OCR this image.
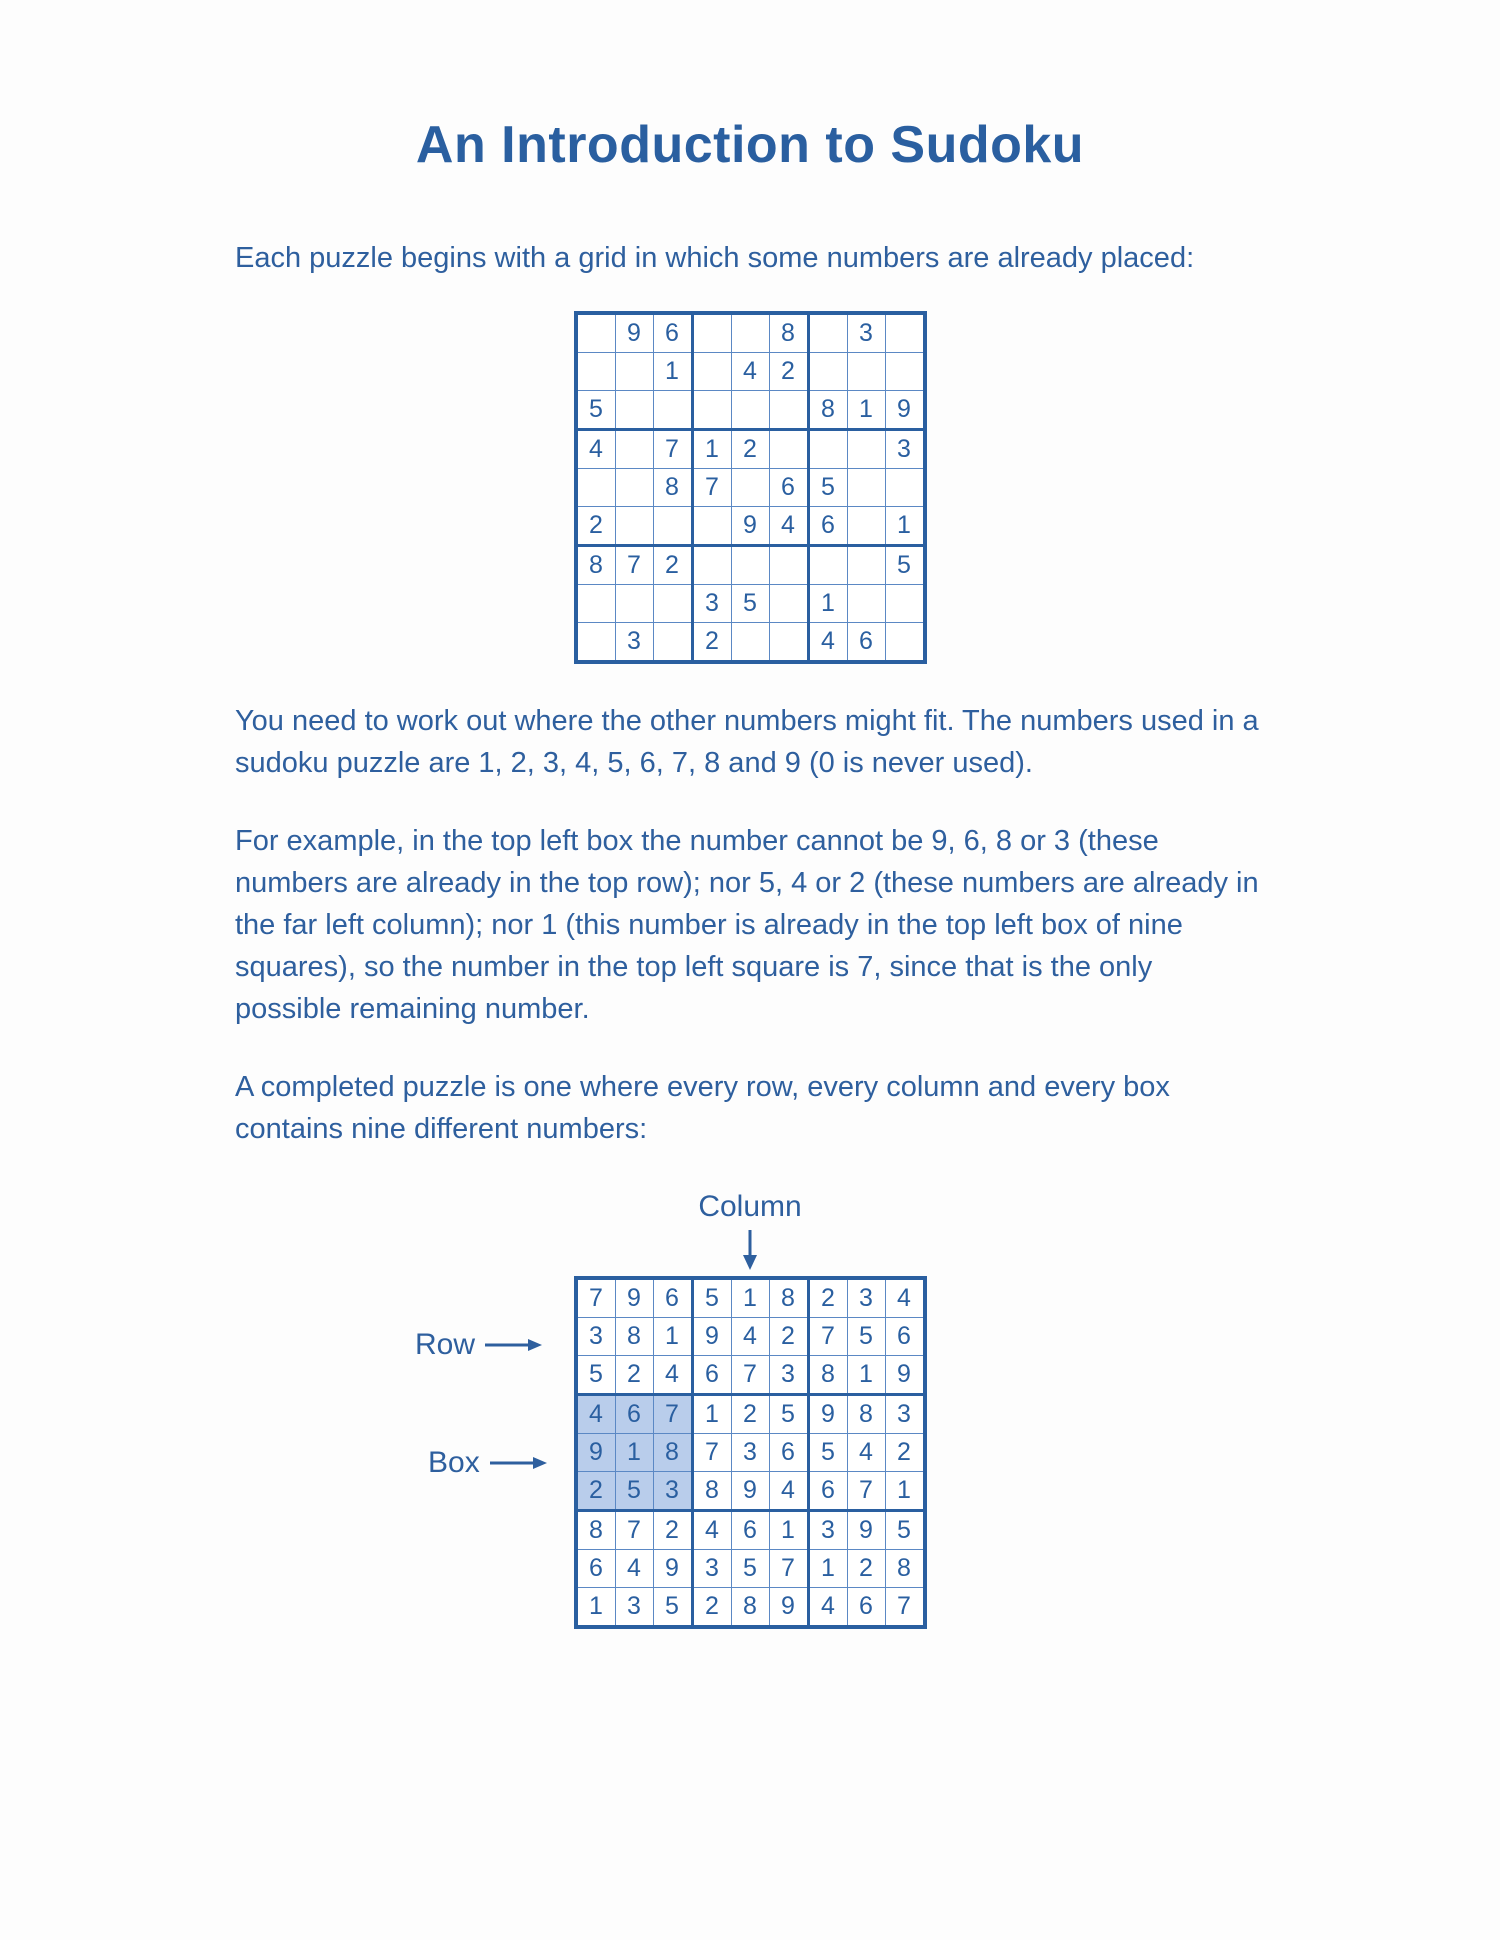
An Introduction to Sudoku
Each puzzle begins with a grid in which some numbers are already placed:
	9	6			8		3	
		1		4	2			
5						8	1	9
4		7	1	2				3
		8	7		6	5		
2				9	4	6		1
8	7	2						5
			3	5		1		
	3		2			4	6	
You need to work out where the other numbers might fit. The numbers used in a sudoku puzzle are 1, 2, 3, 4, 5, 6, 7, 8 and 9 (0 is never used).
For example, in the top left box the number cannot be 9, 6, 8 or 3 (these numbers are already in the top row); nor 5, 4 or 2 (these numbers are already in the far left column); nor 1 (this number is already in the top left box of nine squares), so the number in the top left square is 7, since that is the only possible remaining number.
A completed puzzle is one where every row, every column and every box contains nine different numbers:
Column
Row
Box
7	9	6	5	1	8	2	3	4
3	8	1	9	4	2	7	5	6
5	2	4	6	7	3	8	1	9
4	6	7	1	2	5	9	8	3
9	1	8	7	3	6	5	4	2
2	5	3	8	9	4	6	7	1
8	7	2	4	6	1	3	9	5
6	4	9	3	5	7	1	2	8
1	3	5	2	8	9	4	6	7
